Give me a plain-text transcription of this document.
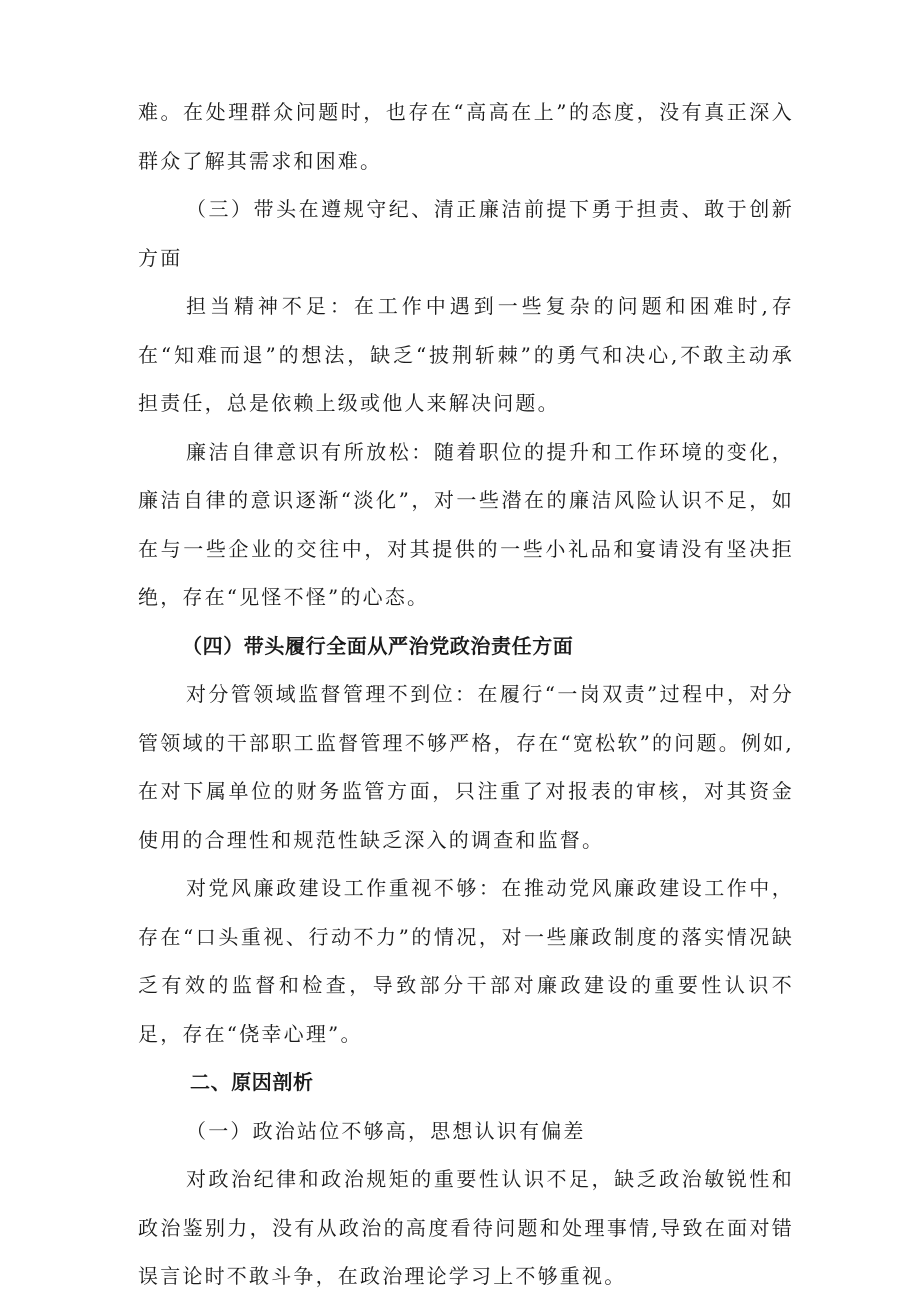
难。在处理群众问题时，也存在“高高在上”的态度，没有真正深入群众了解其需求和困难。

（三）带头在遵规守纪、清正廉洁前提下勇于担责、敢于创新方面

担当精神不足：在工作中遇到一些复杂的问题和困难时,存在“知难而退”的想法，缺乏“披荆斩棘”的勇气和决心,不敢主动承担责任，总是依赖上级或他人来解决问题。

廉洁自律意识有所放松：随着职位的提升和工作环境的变化，廉洁自律的意识逐渐“淡化”，对一些潜在的廉洁风险认识不足，如在与一些企业的交往中，对其提供的一些小礼品和宴请没有坚决拒绝，存在“见怪不怪”的心态。

（四）带头履行全面从严治党政治责任方面

对分管领域监督管理不到位：在履行“一岗双责”过程中，对分管领域的干部职工监督管理不够严格，存在“宽松软”的问题。例如,在对下属单位的财务监管方面，只注重了对报表的审核，对其资金使用的合理性和规范性缺乏深入的调查和监督。

对党风廉政建设工作重视不够：在推动党风廉政建设工作中，存在“口头重视、行动不力”的情况，对一些廉政制度的落实情况缺乏有效的监督和检查，导致部分干部对廉政建设的重要性认识不足，存在“侥幸心理”。

二、原因剖析

（一）政治站位不够高，思想认识有偏差

对政治纪律和政治规矩的重要性认识不足，缺乏政治敏锐性和政治鉴别力，没有从政治的高度看待问题和处理事情,导致在面对错误言论时不敢斗争，在政治理论学习上不够重视。
